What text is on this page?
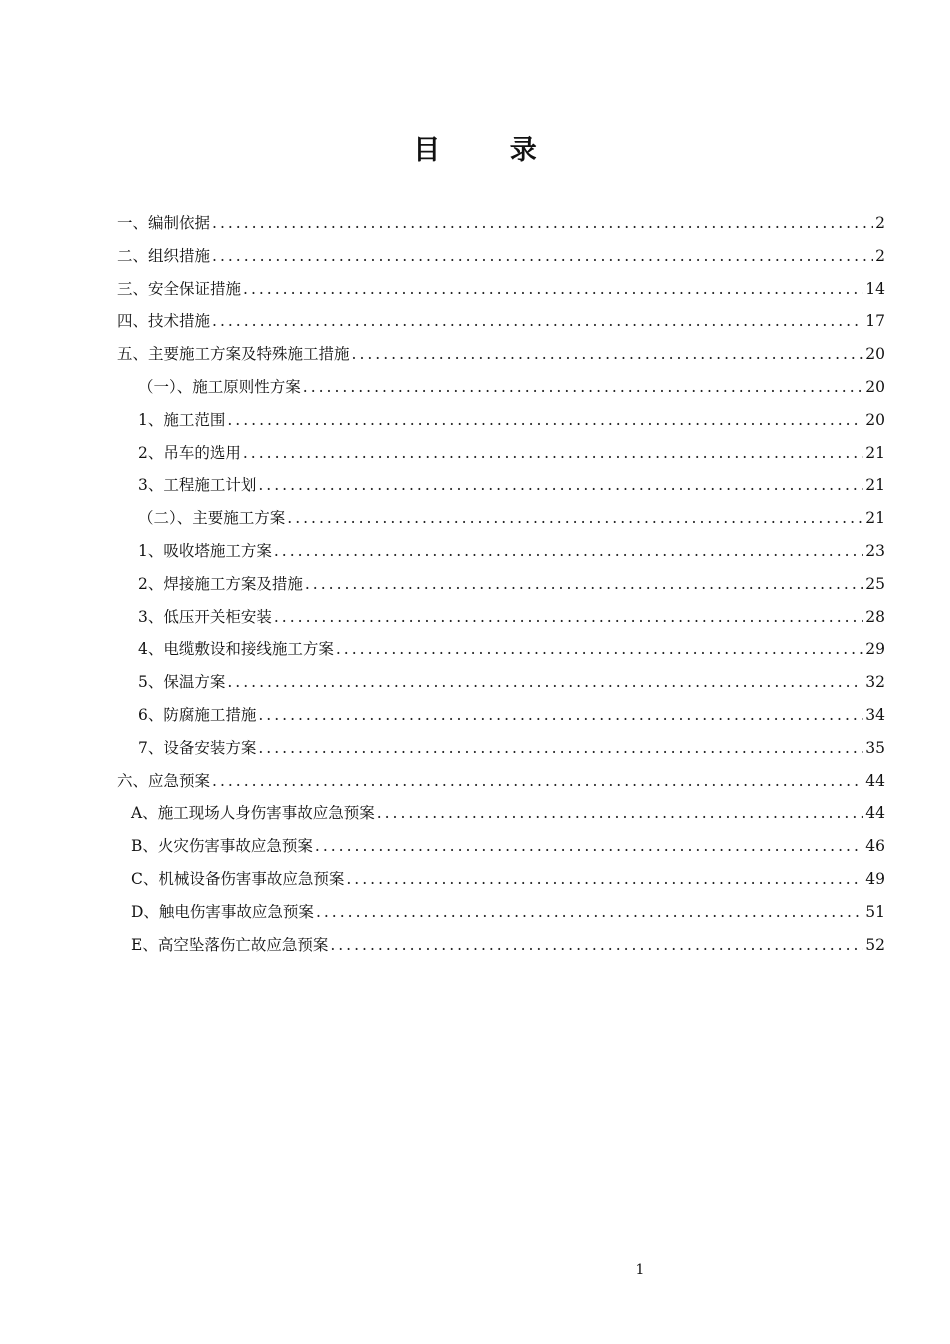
目 录
一、编制依据 .....	2
二、组织措施 .....	2
三、安全保证措施 .....	14
四、技术措施 .....	17
五、主要施工方案及特殊施工措施 .....	20
（一）、施工原则性方案 .....	20
1、施工范围 .....	20
2、吊车的选用 .....	21
3、工程施工计划 .....	21
（二）、主要施工方案 .....	21
1、吸收塔施工方案 .....	23
2、焊接施工方案及措施 .....	25
3、低压开关柜安装 .....	28
4、电缆敷设和接线施工方案 .....	29
5、保温方案 .....	32
6、防腐施工措施 .....	34
7、设备安装方案 .....	35
六、应急预案 .....	44
A、施工现场人身伤害事故应急预案 .....	44
B、火灾伤害事故应急预案 .....	46
C、机械设备伤害事故应急预案 .....	49
D、触电伤害事故应急预案 .....	51
E、高空坠落伤亡故应急预案 .....	52
1
